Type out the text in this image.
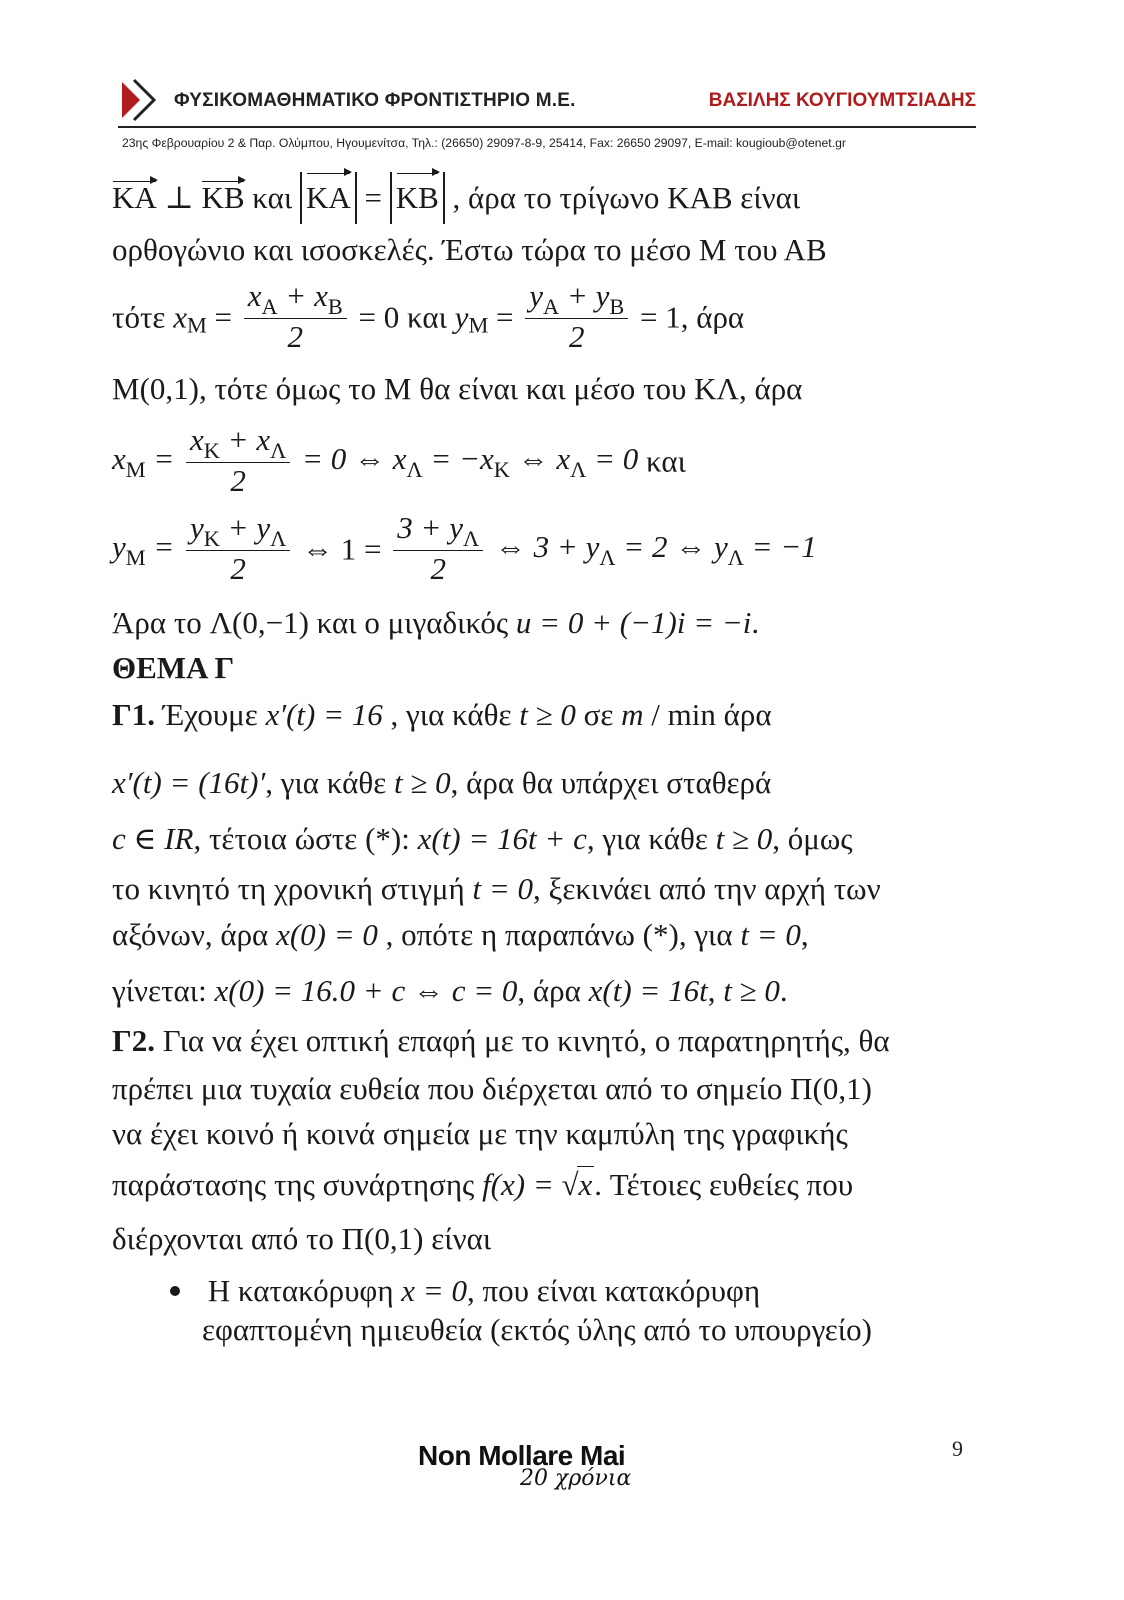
ΦΥΣΙΚΟΜΑΘΗΜΑΤΙΚΟ ΦΡΟΝΤΙΣΤΗΡΙΟ Μ.Ε.	ΒΑΣΙΛΗΣ ΚΟΥΓΙΟΥΜΤΣΙΑΔΗΣ
23ης Φεβρουαρίου 2 & Παρ. Ολύμπου, Ηγουμενίτσα, Τηλ.: (26650) 29097-8-9, 25414, Fax: 26650 29097, E-mail: kougioub@otenet.gr
KA ⊥ KB και KA = KB , άρα το τρίγωνο ΚΑΒ είναι
ορθογώνιο και ισοσκελές. Έστω τώρα το μέσο Μ του ΑΒ
τότε $x_M = \frac{x_A + x_B}{2} = 0$ και $y_M = \frac{y_A + y_B}{2} = 1$, άρα
Μ(0,1), τότε όμως το Μ θα είναι και μέσο του ΚΛ, άρα
$x_M = \frac{x_K + x_\Lambda}{2} = 0$ ⇔ $x_\Lambda = -x_K$ ⇔ $x_\Lambda = 0$ και
$y_M = \frac{y_K + y_\Lambda}{2}$ ⇔ $1 = \frac{3 + y_\Lambda}{2}$ ⇔ $3 + y_\Lambda = 2$ ⇔ $y_\Lambda = -1$
Άρα το Λ(0,−1) και ο μιγαδικός u = 0 + (−1)i = −i.
ΘΕΜΑ Γ
Γ1. Έχουμε x′(t) = 16 , για κάθε t ≥ 0 σε m / min άρα
x′(t) = (16t)′, για κάθε t ≥ 0, άρα θα υπάρχει σταθερά
c ∈ IR, τέτοια ώστε (*): x(t) = 16t + c, για κάθε t ≥ 0, όμως
το κινητό τη χρονική στιγμή t = 0, ξεκινάει από την αρχή των
αξόνων, άρα x(0) = 0 , οπότε η παραπάνω (*), για t = 0,
γίνεται: x(0) = 16.0 + c ⇔ c = 0, άρα x(t) = 16t, t ≥ 0.
Γ2. Για να έχει οπτική επαφή με το κινητό, ο παρατηρητής, θα
πρέπει μια τυχαία ευθεία που διέρχεται από το σημείο Π(0,1)
να έχει κοινό ή κοινά σημεία με την καμπύλη της γραφικής
παράστασης της συνάρτησης f(x) = √x. Τέτοιες ευθείες που
διέρχονται από το Π(0,1) είναι
Η κατακόρυφη x = 0, που είναι κατακόρυφη
εφαπτομένη ημιευθεία (εκτός ύλης από το υπουργείο)
Non Mollare Mai
20 χρόνια
9
